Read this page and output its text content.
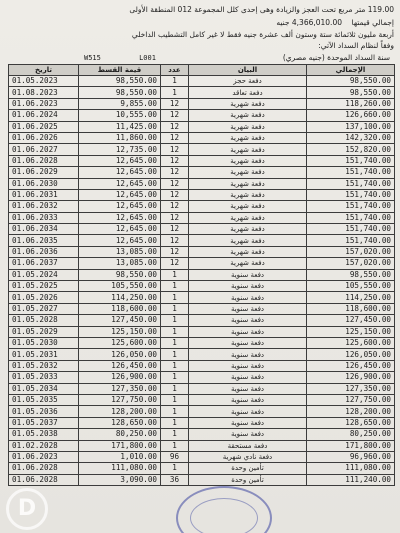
119.00 متر مربع تحت العجز والزيادة وهى إحدى كلل المجموعة 012 المنطقة الأولى
إجمالي قيمتها    4,366,010.00 جنيه
أربعة مليون ثلاثمائة ستة وستون ألف عشرة جنيه فقط لا غير كامل التشطيب الداخلي
وفقاً لنظام السداد الآتي:
W515	L001	سنة السداد الموحدة (جنيه مصري)
تاريخ	قيمة القسط	عدد	البيان	الإجمالي
01.05.2023	98,550.00	1	دفعة حجز	98,550.00
01.08.2023	98,550.00	1	دفعة تعاقد	98,550.00
01.06.2023	9,855.00	12	دفعة شهرية	118,260.00
01.06.2024	10,555.00	12	دفعة شهرية	126,660.00
01.06.2025	11,425.00	12	دفعة شهرية	137,100.00
01.06.2026	11,860.00	12	دفعة شهرية	142,320.00
01.06.2027	12,735.00	12	دفعة شهرية	152,820.00
01.06.2028	12,645.00	12	دفعة شهرية	151,740.00
01.06.2029	12,645.00	12	دفعة شهرية	151,740.00
01.06.2030	12,645.00	12	دفعة شهرية	151,740.00
01.06.2031	12,645.00	12	دفعة شهرية	151,740.00
01.06.2032	12,645.00	12	دفعة شهرية	151,740.00
01.06.2033	12,645.00	12	دفعة شهرية	151,740.00
01.06.2034	12,645.00	12	دفعة شهرية	151,740.00
01.06.2035	12,645.00	12	دفعة شهرية	151,740.00
01.06.2036	13,085.00	12	دفعة شهرية	157,020.00
01.06.2037	13,085.00	12	دفعة شهرية	157,020.00
01.05.2024	98,550.00	1	دفعة سنوية	98,550.00
01.05.2025	105,550.00	1	دفعة سنوية	105,550.00
01.05.2026	114,250.00	1	دفعة سنوية	114,250.00
01.05.2027	118,600.00	1	دفعة سنوية	118,600.00
01.05.2028	127,450.00	1	دفعة سنوية	127,450.00
01.05.2029	125,150.00	1	دفعة سنوية	125,150.00
01.05.2030	125,600.00	1	دفعة سنوية	125,600.00
01.05.2031	126,050.00	1	دفعة سنوية	126,050.00
01.05.2032	126,450.00	1	دفعة سنوية	126,450.00
01.05.2033	126,900.00	1	دفعة سنوية	126,900.00
01.05.2034	127,350.00	1	دفعة سنوية	127,350.00
01.05.2035	127,750.00	1	دفعة سنوية	127,750.00
01.05.2036	128,200.00	1	دفعة سنوية	128,200.00
01.05.2037	128,650.00	1	دفعة سنوية	128,650.00
01.05.2038	80,250.00	1	دفعة سنوية	80,250.00
01.02.2028	171,800.00	1	دفعة مستحقة	171,800.00
01.06.2023	1,010.00	96	دفعة نادي شهرية	96,960.00
01.06.2028	111,080.00	1	تأمين وحدة	111,080.00
01.06.2028	3,090.00	36	تأمين وحدة	111,240.00
D
